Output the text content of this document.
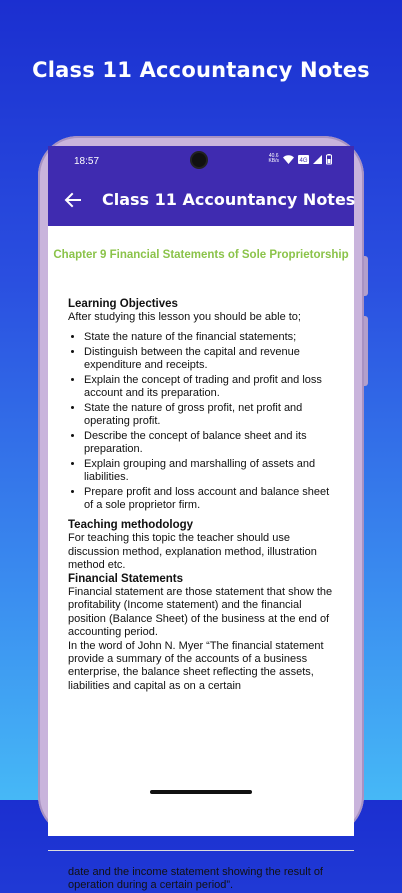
Class 11 Accountancy Notes
18:57	40.6
KB/s	4G
Class 11 Accountancy Notes
Chapter 9 Financial Statements of Sole Proprietorship
Learning Objectives
After studying this lesson you should be able to;
• State the nature of the financial statements;
• Distinguish between the capital and revenue expenditure and receipts.
• Explain the concept of trading and profit and loss account and its preparation.
• State the nature of gross profit, net profit and operating profit.
• Describe the concept of balance sheet and its preparation.
• Explain grouping and marshalling of assets and liabilities.
• Prepare profit and loss account and balance sheet of a sole proprietor firm.
Teaching methodology
For teaching this topic the teacher should use discussion method, explanation method, illustration method etc.
Financial Statements
Financial statement are those statement that show the profitability (Income statement) and the financial position (Balance Sheet) of the business at the end of accounting period.
In the word of John N. Myer “The financial statement provide a summary of the accounts of a business enterprise, the balance sheet reflecting the assets, liabilities and capital as on a certain
date and the income statement showing the result of operation during a certain period”.
